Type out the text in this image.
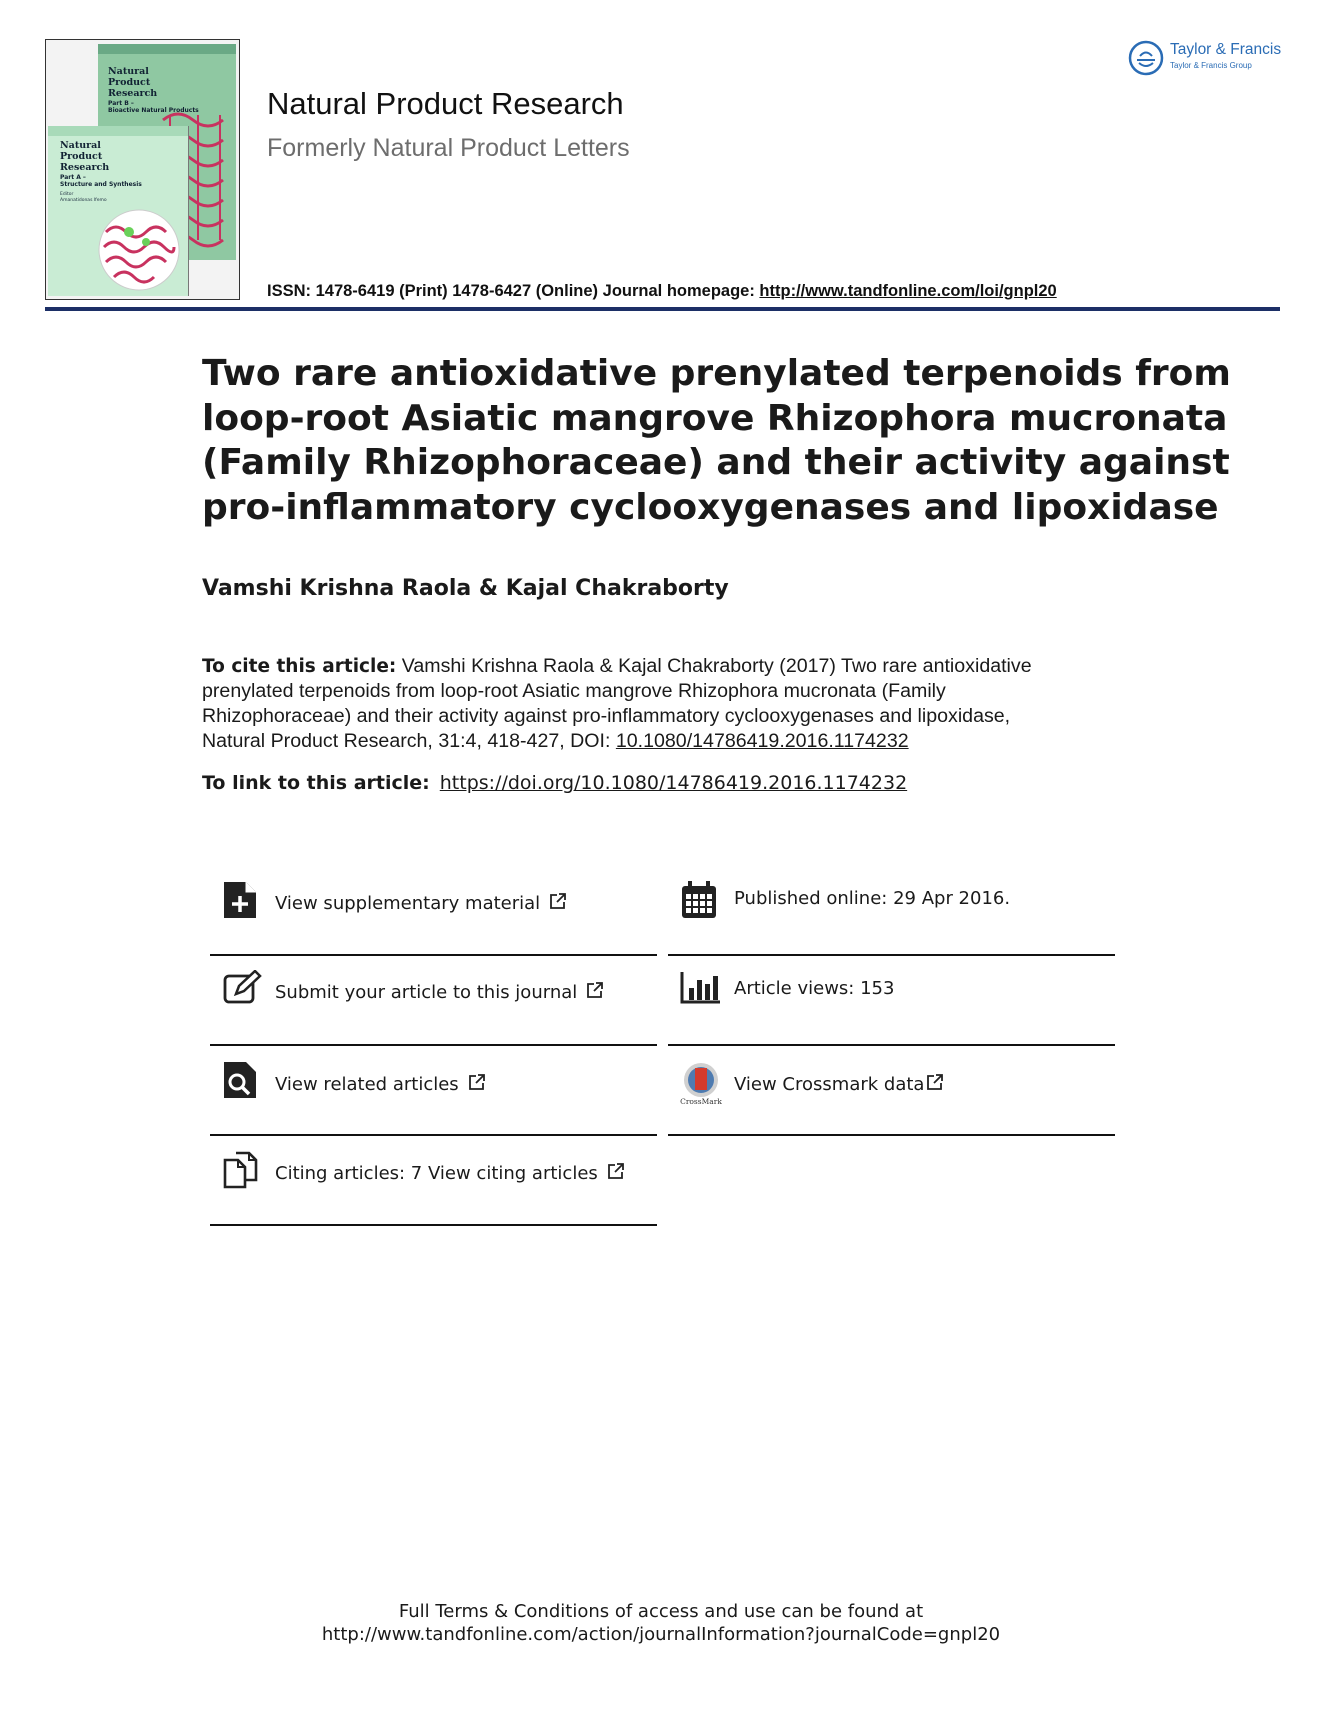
Natural
Product
Research
Part B –
Bioactive Natural Products
Natural
Product
Research
Part A –
Structure and Synthesis
Editor
Amanatidonas Ifemo
Natural Product Research
Formerly Natural Product Letters
ISSN: 1478-6419 (Print) 1478-6427 (Online) Journal homepage: http://www.tandfonline.com/loi/gnpl20
Taylor & Francis
Taylor & Francis Group
Two rare antioxidative prenylated terpenoids from
loop-root Asiatic mangrove Rhizophora mucronata
(Family Rhizophoraceae) and their activity against
pro-inflammatory cyclooxygenases and lipoxidase
Vamshi Krishna Raola & Kajal Chakraborty
To cite this article: Vamshi Krishna Raola & Kajal Chakraborty (2017) Two rare antioxidative
prenylated terpenoids from loop-root Asiatic mangrove Rhizophora mucronata (Family
Rhizophoraceae) and their activity against pro-inflammatory cyclooxygenases and lipoxidase,
Natural Product Research, 31:4, 418-427, DOI: 10.1080/14786419.2016.1174232
To link to this article: https://doi.org/10.1080/14786419.2016.1174232
View supplementary material
Submit your article to this journal
View related articles
Citing articles: 7 View citing articles
Published online: 29 Apr 2016.
Article views: 153
CrossMark
View Crossmark data
Full Terms & Conditions of access and use can be found at
http://www.tandfonline.com/action/journalInformation?journalCode=gnpl20
